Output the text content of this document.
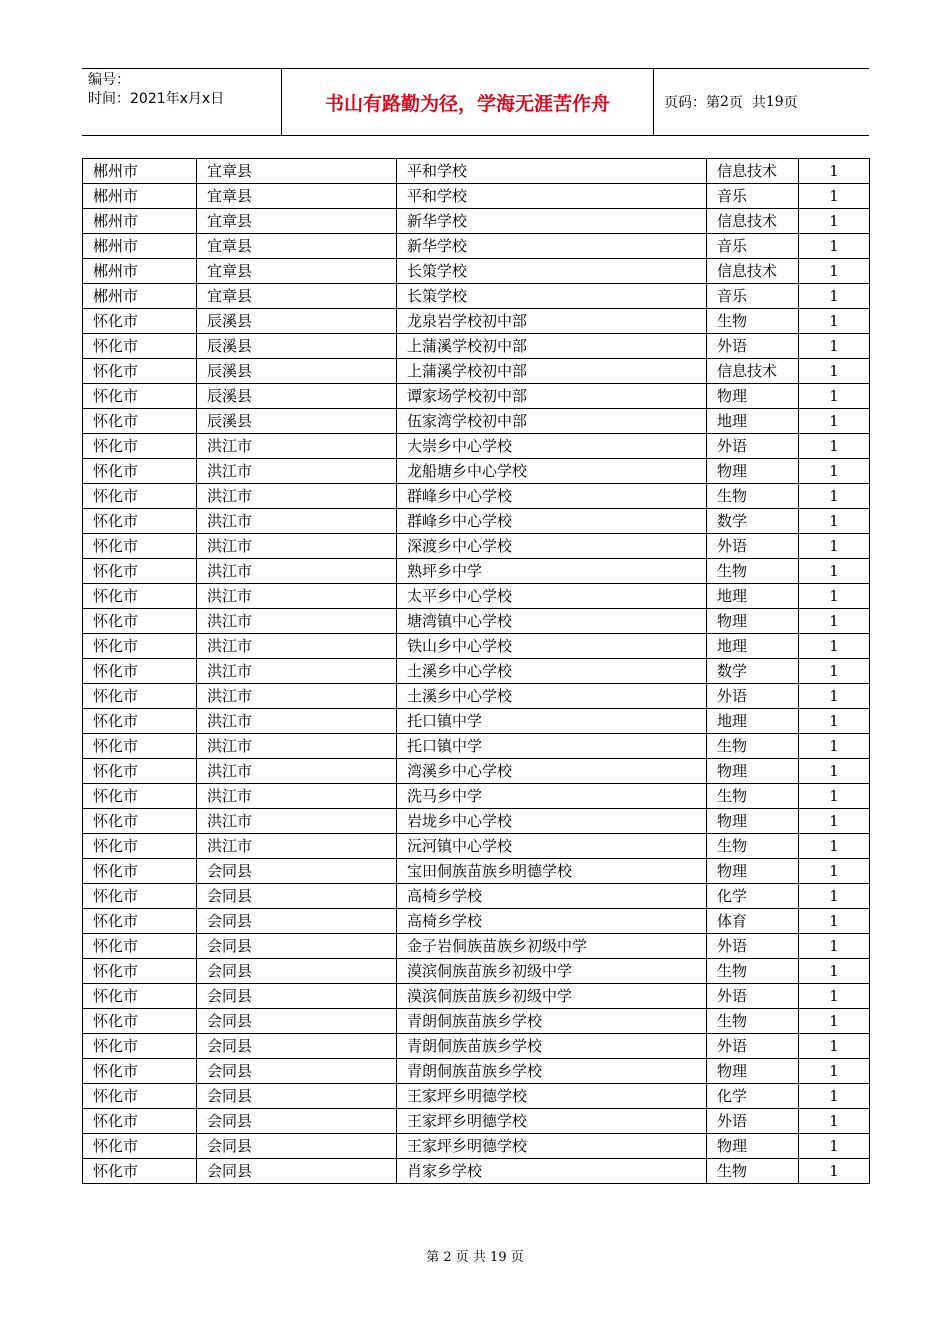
编号：
时间：2021年x月x日	书山有路勤为径，学海无涯苦作舟	页码：第 2 页  共 19 页
郴州市	宜章县	平和学校	信息技术	1
郴州市	宜章县	平和学校	音乐	1
郴州市	宜章县	新华学校	信息技术	1
郴州市	宜章县	新华学校	音乐	1
郴州市	宜章县	长策学校	信息技术	1
郴州市	宜章县	长策学校	音乐	1
怀化市	辰溪县	龙泉岩学校初中部	生物	1
怀化市	辰溪县	上蒲溪学校初中部	外语	1
怀化市	辰溪县	上蒲溪学校初中部	信息技术	1
怀化市	辰溪县	谭家场学校初中部	物理	1
怀化市	辰溪县	伍家湾学校初中部	地理	1
怀化市	洪江市	大崇乡中心学校	外语	1
怀化市	洪江市	龙船塘乡中心学校	物理	1
怀化市	洪江市	群峰乡中心学校	生物	1
怀化市	洪江市	群峰乡中心学校	数学	1
怀化市	洪江市	深渡乡中心学校	外语	1
怀化市	洪江市	熟坪乡中学	生物	1
怀化市	洪江市	太平乡中心学校	地理	1
怀化市	洪江市	塘湾镇中心学校	物理	1
怀化市	洪江市	铁山乡中心学校	地理	1
怀化市	洪江市	土溪乡中心学校	数学	1
怀化市	洪江市	土溪乡中心学校	外语	1
怀化市	洪江市	托口镇中学	地理	1
怀化市	洪江市	托口镇中学	生物	1
怀化市	洪江市	湾溪乡中心学校	物理	1
怀化市	洪江市	洗马乡中学	生物	1
怀化市	洪江市	岩垅乡中心学校	物理	1
怀化市	洪江市	沅河镇中心学校	生物	1
怀化市	会同县	宝田侗族苗族乡明德学校	物理	1
怀化市	会同县	高椅乡学校	化学	1
怀化市	会同县	高椅乡学校	体育	1
怀化市	会同县	金子岩侗族苗族乡初级中学	外语	1
怀化市	会同县	漠滨侗族苗族乡初级中学	生物	1
怀化市	会同县	漠滨侗族苗族乡初级中学	外语	1
怀化市	会同县	青朗侗族苗族乡学校	生物	1
怀化市	会同县	青朗侗族苗族乡学校	外语	1
怀化市	会同县	青朗侗族苗族乡学校	物理	1
怀化市	会同县	王家坪乡明德学校	化学	1
怀化市	会同县	王家坪乡明德学校	外语	1
怀化市	会同县	王家坪乡明德学校	物理	1
怀化市	会同县	肖家乡学校	生物	1
第 2 页 共 19 页
